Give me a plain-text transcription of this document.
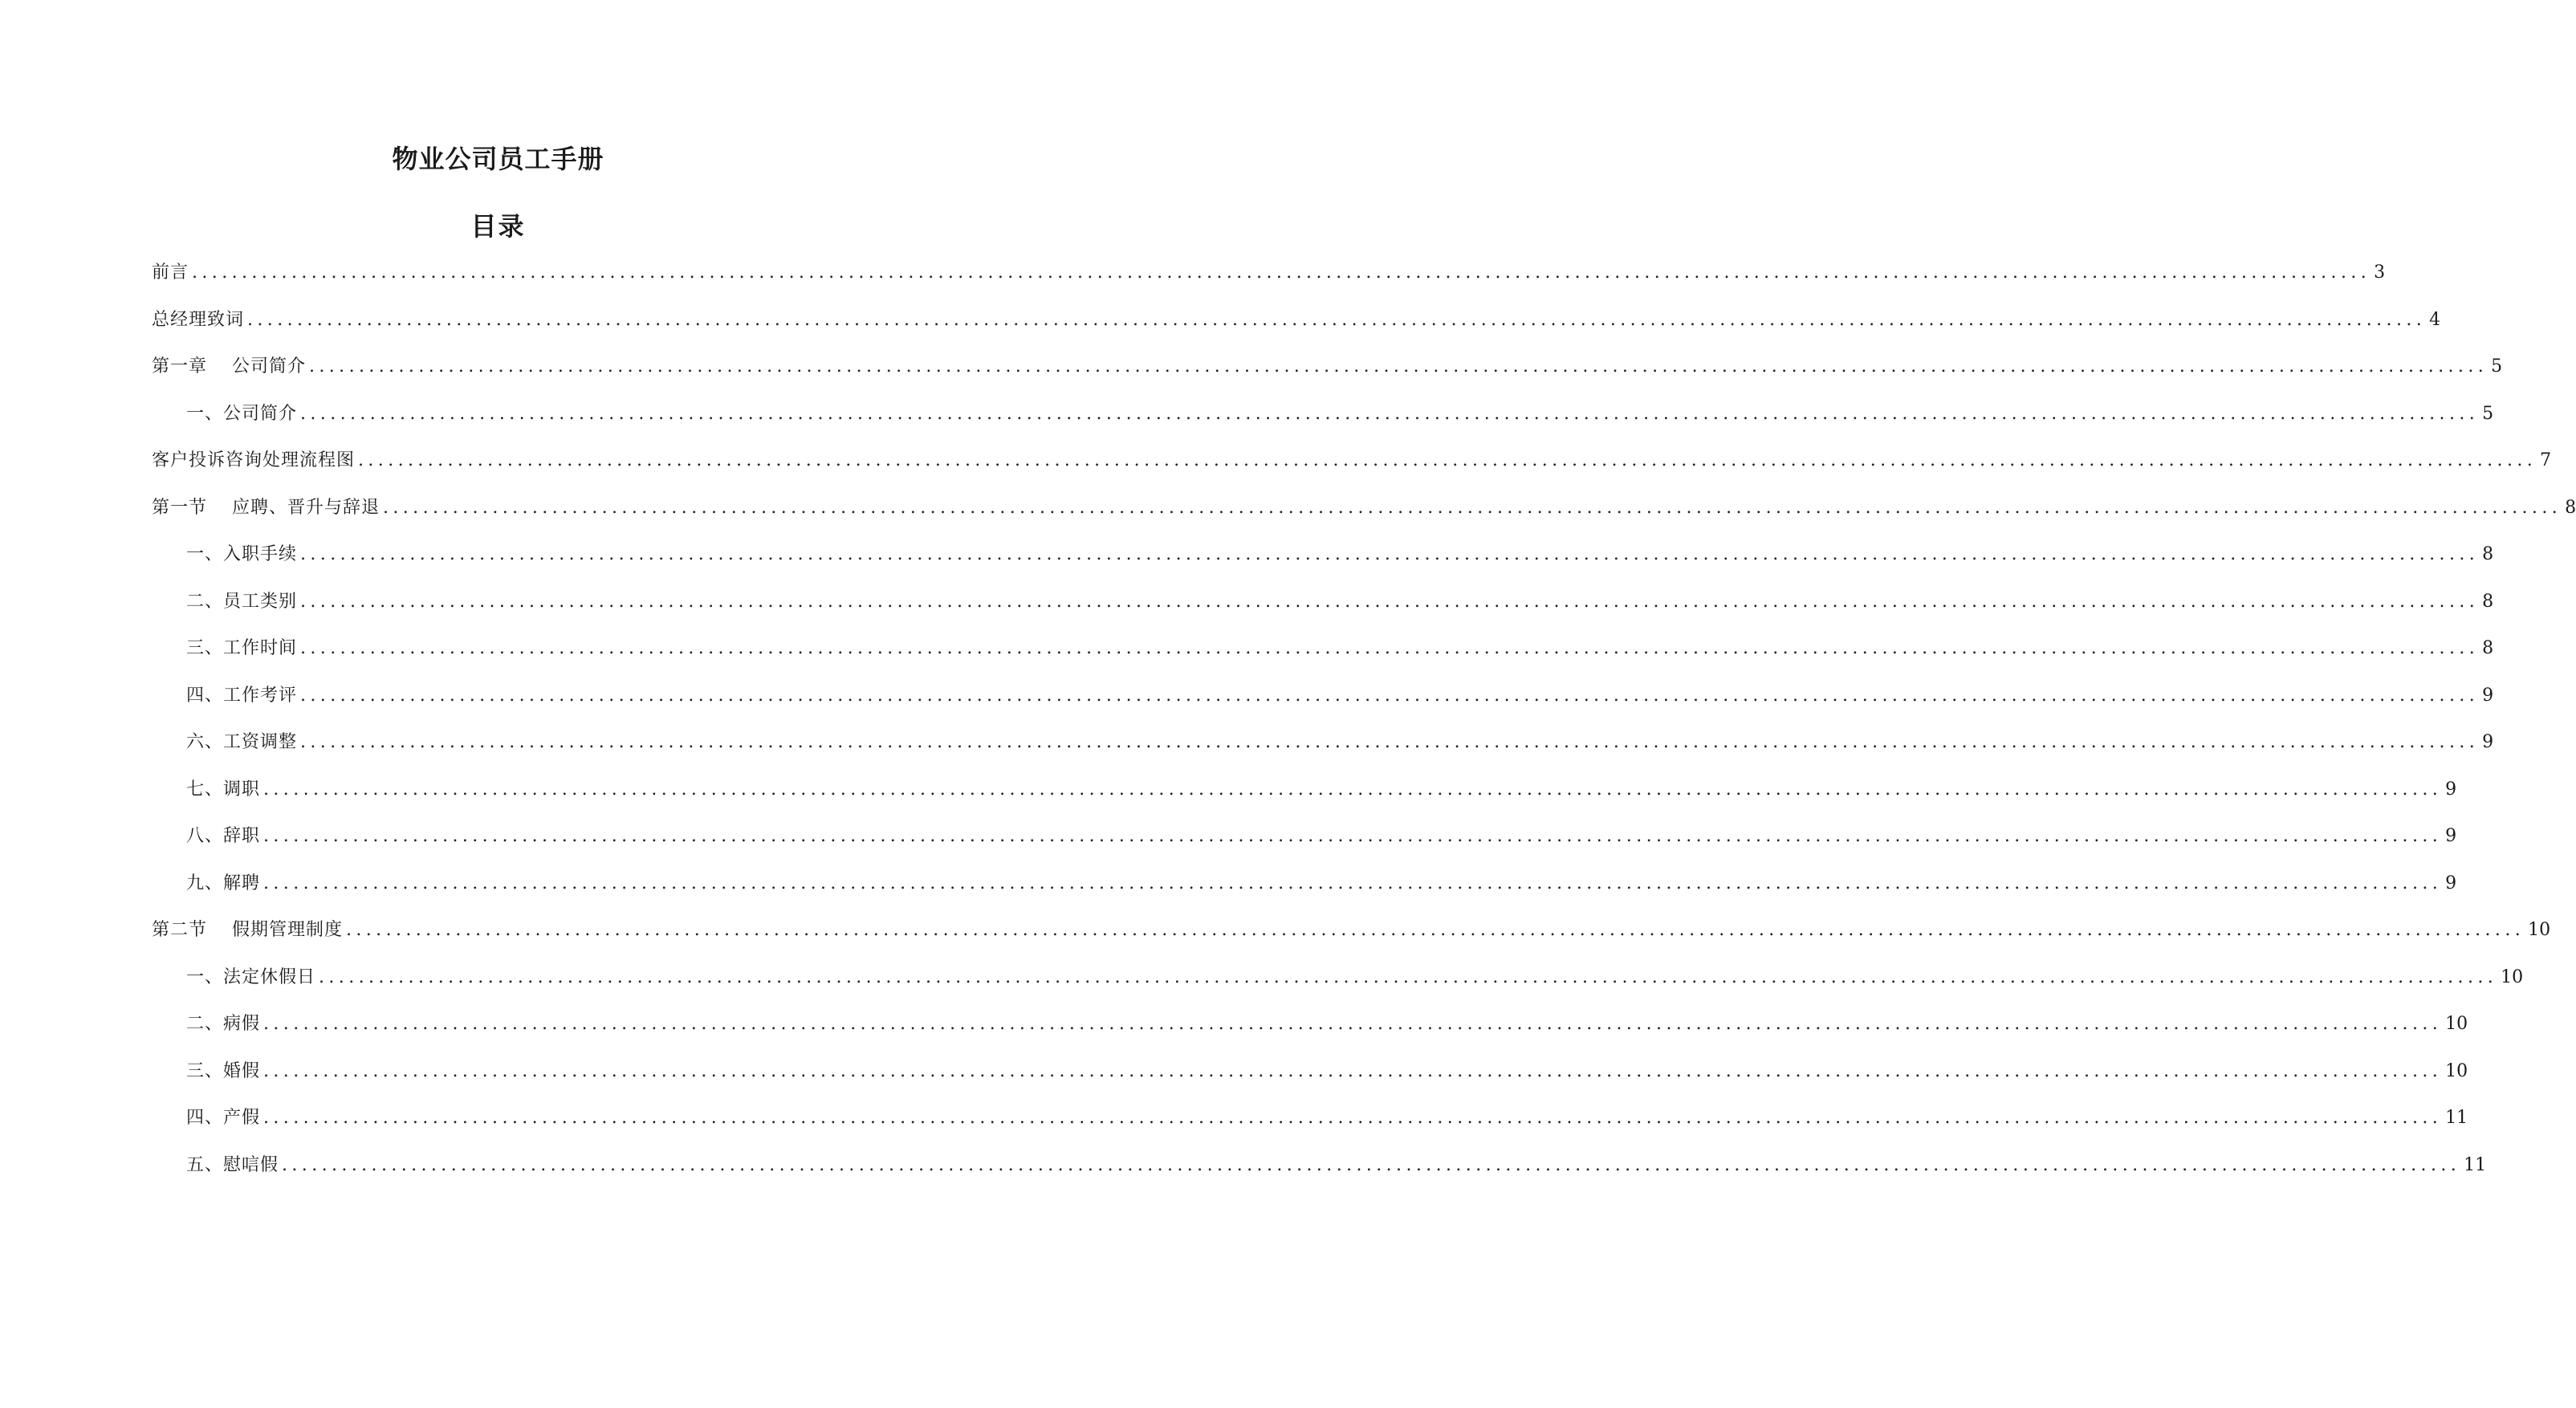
物业公司员工手册
目录
前言 ........................................................................................................................................................................................................................... 3
总经理致词 ........................................................................................................................................................................................................................... 4
第一章　 公司简介 ........................................................................................................................................................................................................................... 5
一、公司简介 ........................................................................................................................................................................................................................... 5
客户投诉咨询处理流程图 ........................................................................................................................................................................................................................... 7
第一节　 应聘、晋升与辞退 ........................................................................................................................................................................................................................... 8
一、入职手续 ........................................................................................................................................................................................................................... 8
二、员工类别 ........................................................................................................................................................................................................................... 8
三、工作时间 ........................................................................................................................................................................................................................... 8
四、工作考评 ........................................................................................................................................................................................................................... 9
六、工资调整 ........................................................................................................................................................................................................................... 9
七、调职 ........................................................................................................................................................................................................................... 9
八、辞职 ........................................................................................................................................................................................................................... 9
九、解聘 ........................................................................................................................................................................................................................... 9
第二节　 假期管理制度 ........................................................................................................................................................................................................................... 10
一、法定休假日 ........................................................................................................................................................................................................................... 10
二、病假 ........................................................................................................................................................................................................................... 10
三、婚假 ........................................................................................................................................................................................................................... 10
四、产假 ........................................................................................................................................................................................................................... 11
五、慰唁假 ........................................................................................................................................................................................................................... 11
